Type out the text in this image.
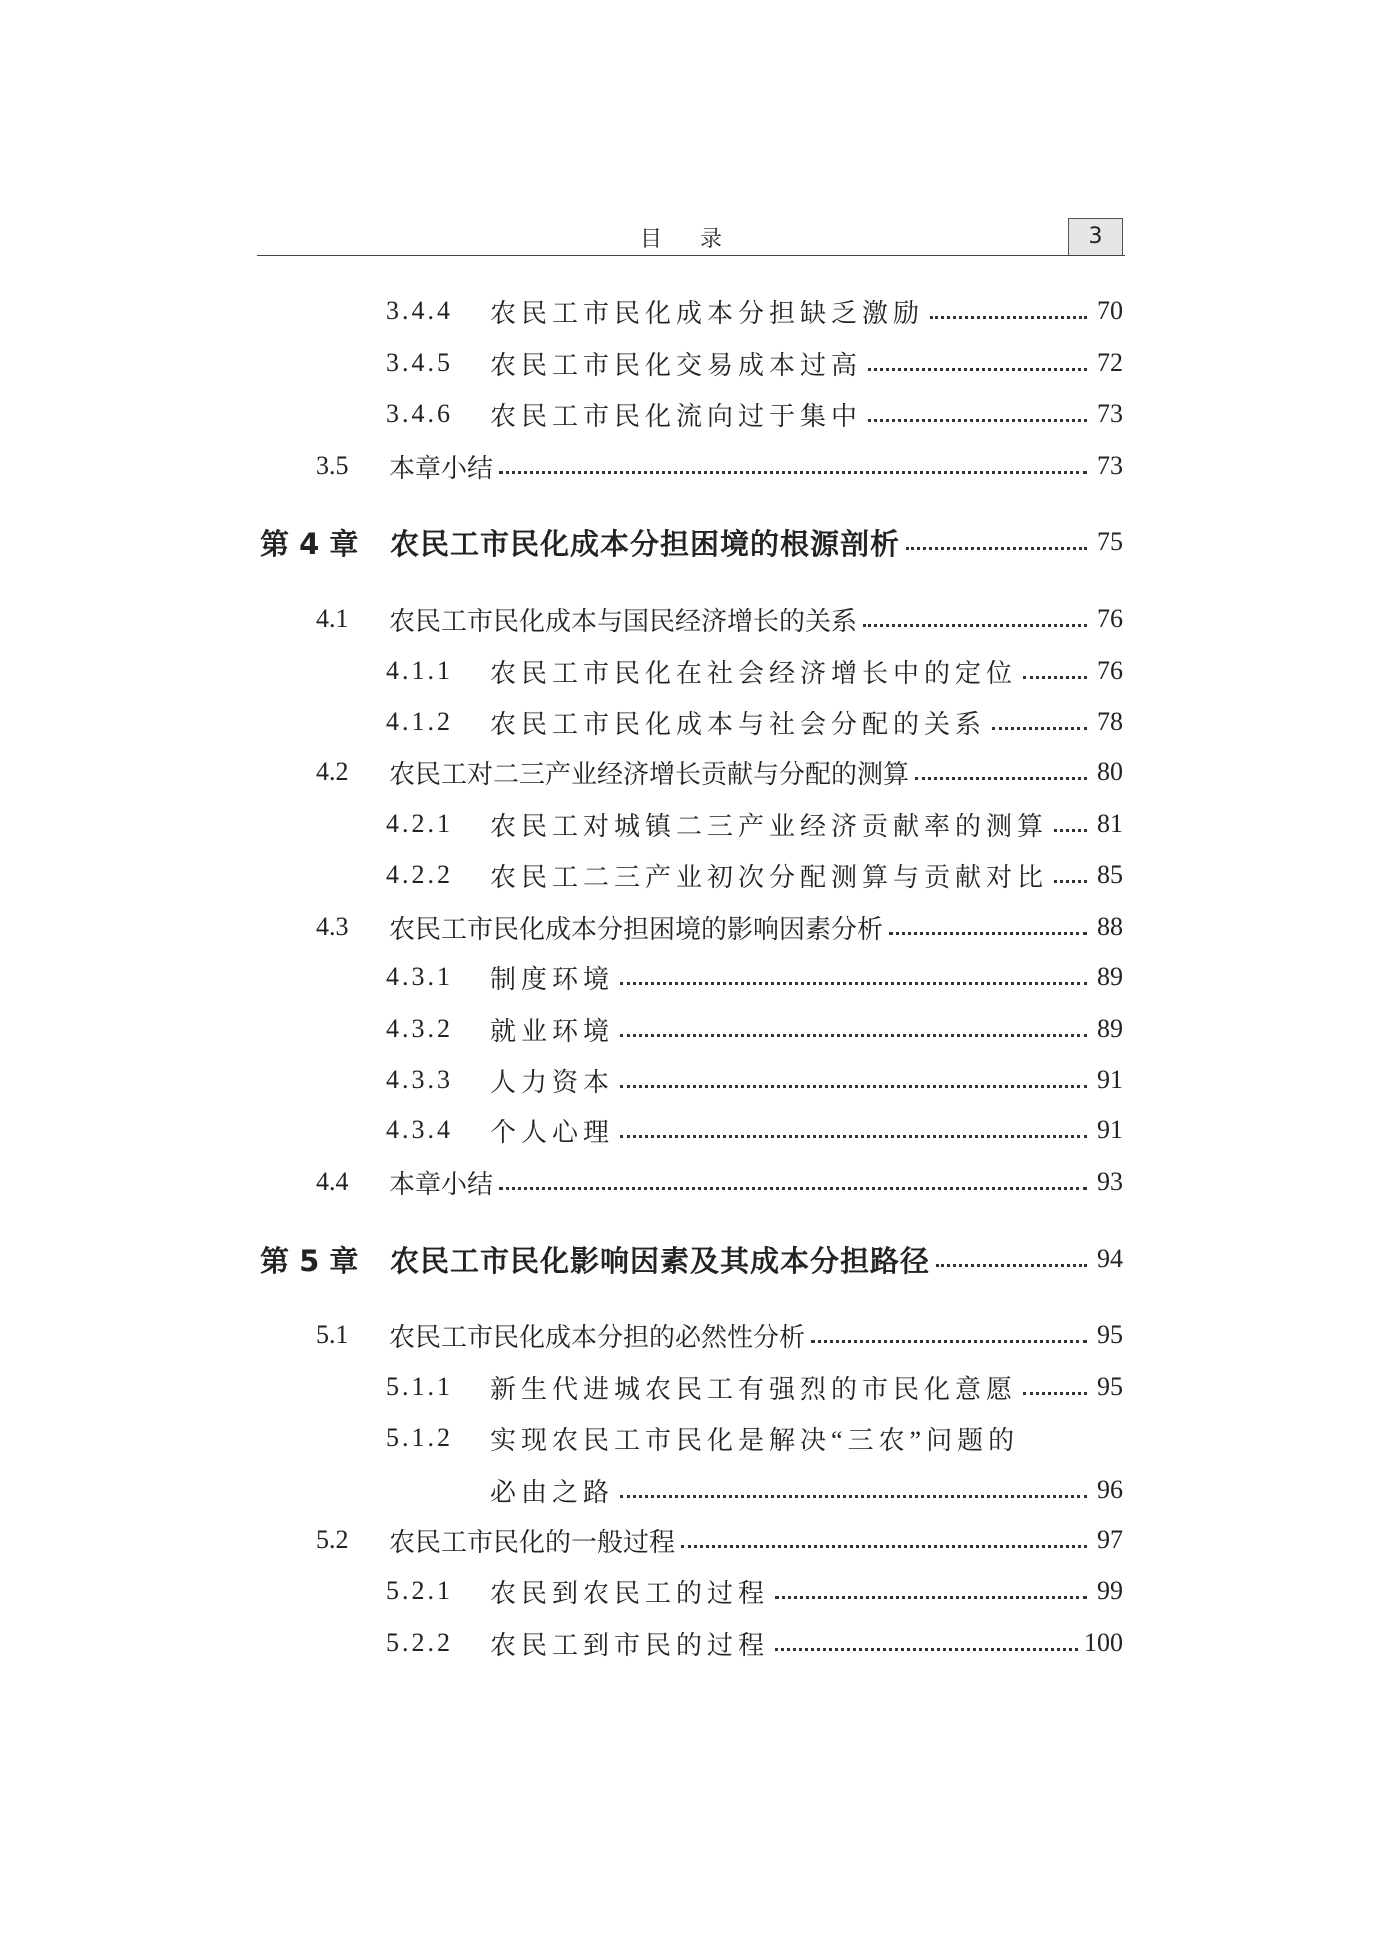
目录	3
3.4.4 农民工市民化成本分担缺乏激励	70
3.4.5 农民工市民化交易成本过高	72
3.4.6 农民工市民化流向过于集中	73
3.5 本章小结	73
第 4 章 农民工市民化成本分担困境的根源剖析	75
4.1 农民工市民化成本与国民经济增长的关系	76
4.1.1 农民工市民化在社会经济增长中的定位	76
4.1.2 农民工市民化成本与社会分配的关系	78
4.2 农民工对二三产业经济增长贡献与分配的测算	80
4.2.1 农民工对城镇二三产业经济贡献率的测算 81
4.2.2 农民工二三产业初次分配测算与贡献对比 85
4.3 农民工市民化成本分担困境的影响因素分析	88
4.3.1 制度环境	89
4.3.2 就业环境	89
4.3.3 人力资本	91
4.3.4 个人心理	91
4.4 本章小结	93
第 5 章 农民工市民化影响因素及其成本分担路径	94
5.1 农民工市民化成本分担的必然性分析	95
5.1.1 新生代进城农民工有强烈的市民化意愿	95
5.1.2 实现农民工市民化是解决“三农”问题的
必由之路	96
5.2 农民工市民化的一般过程	97
5.2.1 农民到农民工的过程	99
5.2.2 农民工到市民的过程	100
